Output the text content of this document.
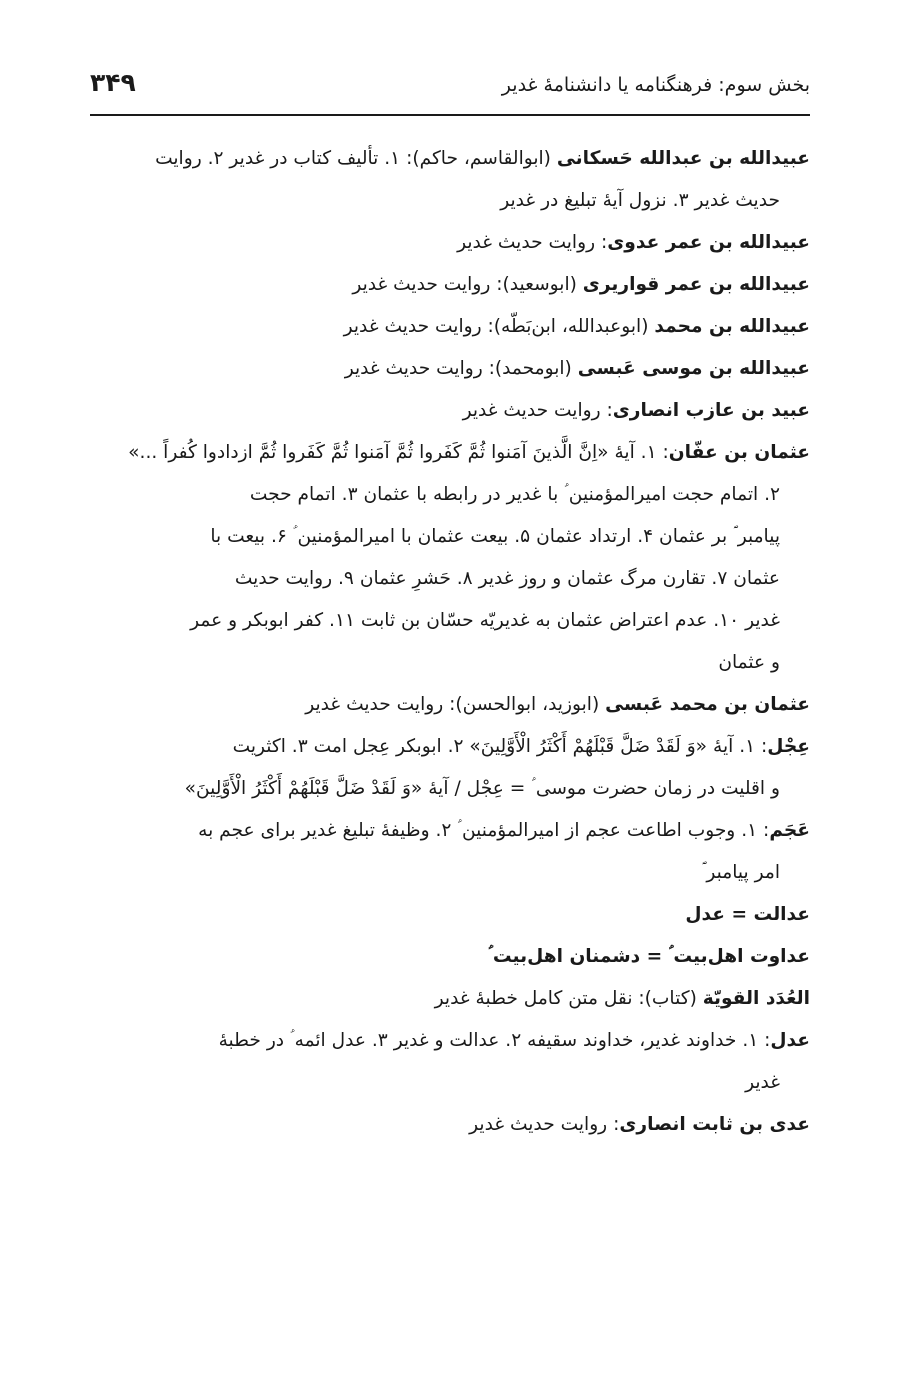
بخش سوم: فرهنگنامه یا دانشنامۀ غدیر
۳۴۹
عبیدالله بن عبدالله حَسکانی (ابوالقاسم، حاکم): ۱. تألیف کتاب در غدیر ۲. روایت
حدیث غدیر ۳. نزول آیۀ تبلیغ در غدیر
عبیدالله بن عمر عدوی: روایت حدیث غدیر
عبیدالله بن عمر قواریری (ابوسعید): روایت حدیث غدیر
عبیدالله بن محمد (ابوعبدالله، ابن‌بَطّه): روایت حدیث غدیر
عبیدالله بن موسی عَبسی (ابومحمد): روایت حدیث غدیر
عبید بن عازب انصاری: روایت حدیث غدیر
عثمان بن عفّان: ۱. آیۀ «اِنَّ الَّذینَ آمَنوا ثُمَّ کَفَروا ثُمَّ آمَنوا ثُمَّ کَفَروا ثُمَّ ازدادوا کُفراً ...»
۲. اتمام حجت امیرالمؤمنین ؑ با غدیر در رابطه با عثمان ۳. اتمام حجت
پیامبر ؐ بر عثمان ۴. ارتداد عثمان ۵. بیعت عثمان با امیرالمؤمنین ؑ ۶. بیعت با
عثمان ۷. تقارن مرگ عثمان و روز غدیر ۸. حَشرِ عثمان ۹. روایت حدیث
غدیر ۱۰. عدم اعتراض عثمان به غدیریّه حسّان بن ثابت ۱۱. کفر ابوبکر و عمر
و عثمان
عثمان بن محمد عَبسی (ابوزید، ابوالحسن): روایت حدیث غدیر
عِجْل: ۱. آیۀ «وَ لَقَدْ ضَلَّ قَبْلَهُمْ أَکْثَرُ الْأَوَّلِینَ» ۲. ابوبکر عِجل امت ۳. اکثریت
و اقلیت در زمان حضرت موسی ؑ = عِجْل / آیۀ «وَ لَقَدْ ضَلَّ قَبْلَهُمْ أَکْثَرُ الْأَوَّلِینَ»
عَجَم: ۱. وجوب اطاعت عجم از امیرالمؤمنین ؑ ۲. وظیفۀ تبلیغ غدیر برای عجم به
امر پیامبر ؐ
عدالت = عدل
عداوت اهل‌بیت ؑ = دشمنان اهل‌بیت ؑ
العُدَد القویّة (کتاب): نقل متن کامل خطبۀ غدیر
عدل: ۱. خداوند غدیر، خداوند سقیفه ۲. عدالت و غدیر ۳. عدل ائمه ؑ در خطبۀ
غدیر
عدی بن ثابت انصاری: روایت حدیث غدیر
